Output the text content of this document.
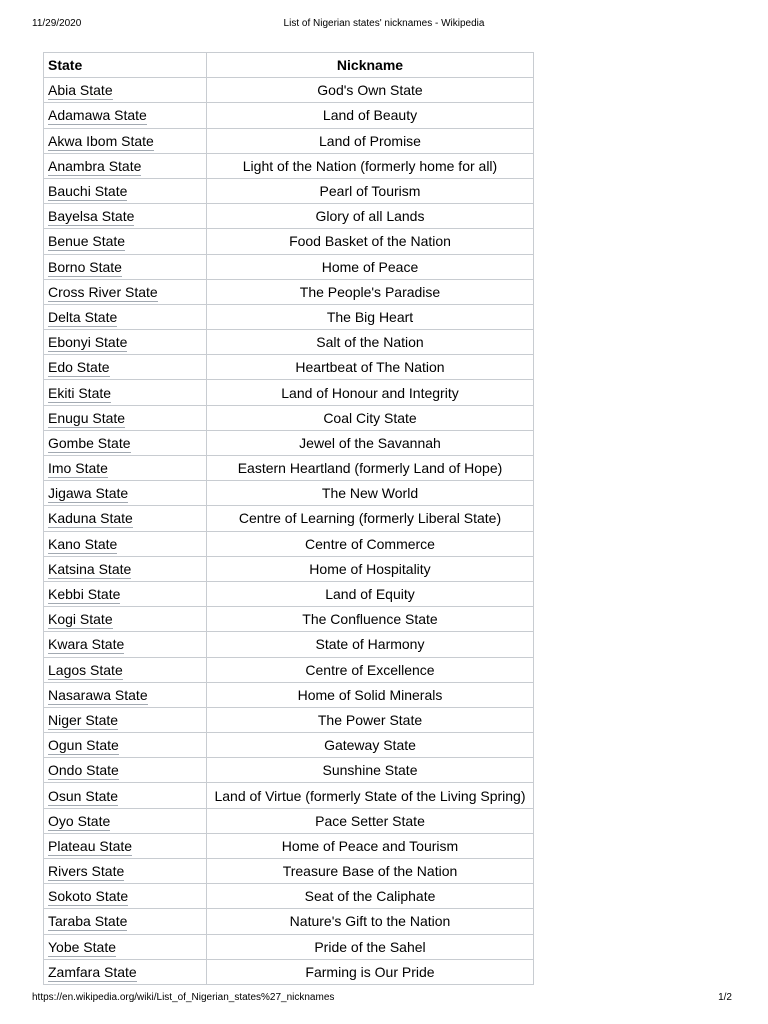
11/29/2020	List of Nigerian states' nicknames - Wikipedia
State	Nickname
Abia State	God's Own State
Adamawa State	Land of Beauty
Akwa Ibom State	Land of Promise
Anambra State	Light of the Nation (formerly home for all)
Bauchi State	Pearl of Tourism
Bayelsa State	Glory of all Lands
Benue State	Food Basket of the Nation
Borno State	Home of Peace
Cross River State	The People's Paradise
Delta State	The Big Heart
Ebonyi State	Salt of the Nation
Edo State	Heartbeat of The Nation
Ekiti State	Land of Honour and Integrity
Enugu State	Coal City State
Gombe State	Jewel of the Savannah
Imo State	Eastern Heartland (formerly Land of Hope)
Jigawa State	The New World
Kaduna State	Centre of Learning (formerly Liberal State)
Kano State	Centre of Commerce
Katsina State	Home of Hospitality
Kebbi State	Land of Equity
Kogi State	The Confluence State
Kwara State	State of Harmony
Lagos State	Centre of Excellence
Nasarawa State	Home of Solid Minerals
Niger State	The Power State
Ogun State	Gateway State
Ondo State	Sunshine State
Osun State	Land of Virtue (formerly State of the Living Spring)
Oyo State	Pace Setter State
Plateau State	Home of Peace and Tourism
Rivers State	Treasure Base of the Nation
Sokoto State	Seat of the Caliphate
Taraba State	Nature's Gift to the Nation
Yobe State	Pride of the Sahel
Zamfara State	Farming is Our Pride
https://en.wikipedia.org/wiki/List_of_Nigerian_states%27_nicknames	1/2
